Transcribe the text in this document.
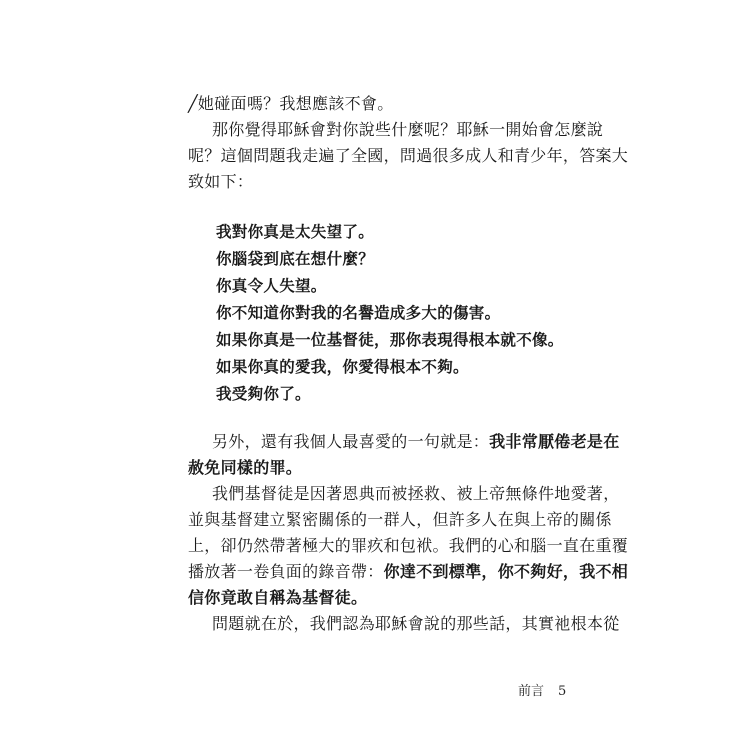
╱她碰面嗎？我想應該不會。
那你覺得耶穌會對你說些什麼呢？耶穌一開始會怎麼說
呢？這個問題我走遍了全國，問過很多成人和青少年，答案大
致如下：
我對你真是太失望了。
你腦袋到底在想什麼？
你真令人失望。
你不知道你對我的名譽造成多大的傷害。
如果你真是一位基督徒，那你表現得根本就不像。
如果你真的愛我，你愛得根本不夠。
我受夠你了。
另外，還有我個人最喜愛的一句就是：我非常厭倦老是在
赦免同樣的罪。
我們基督徒是因著恩典而被拯救、被上帝無條件地愛著，
並與基督建立緊密關係的一群人，但許多人在與上帝的關係
上，卻仍然帶著極大的罪疚和包袱。我們的心和腦一直在重覆
播放著一卷負面的錄音帶：你達不到標準，你不夠好，我不相
信你竟敢自稱為基督徒。
問題就在於，我們認為耶穌會說的那些話，其實祂根本從
前言 5
